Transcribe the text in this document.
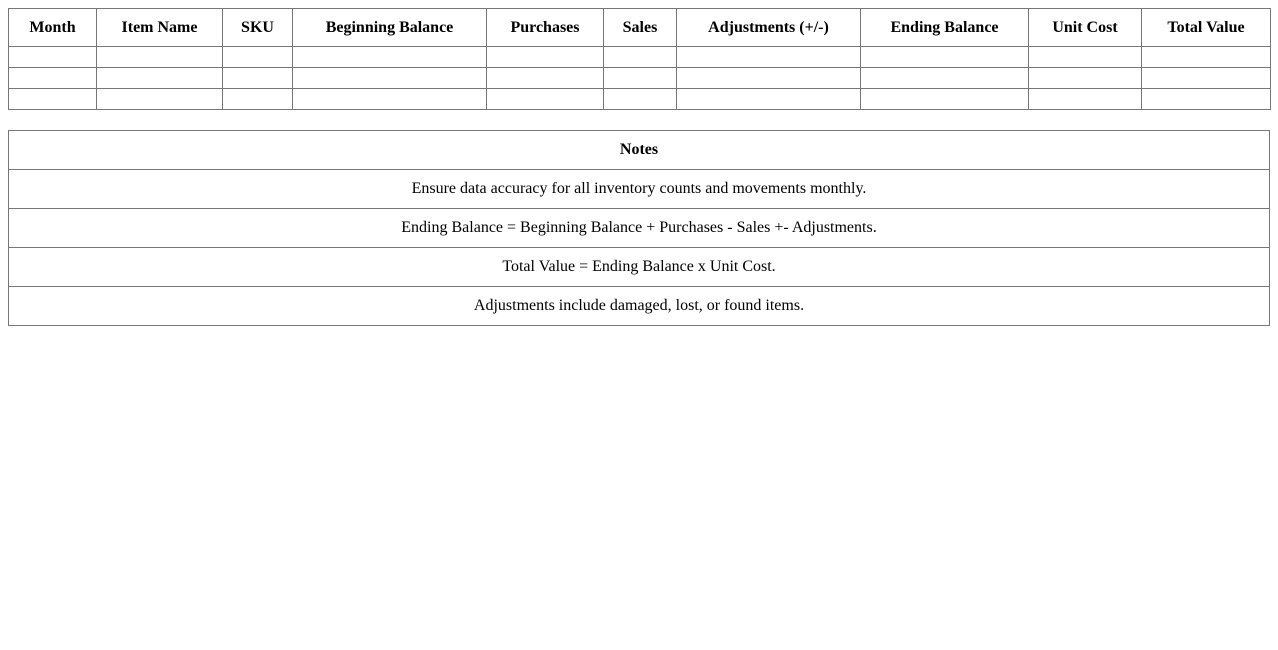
Month	Item Name	SKU	Beginning Balance	Purchases	Sales	Adjustments (+/-)	Ending Balance	Unit Cost	Total Value

Notes
Ensure data accuracy for all inventory counts and movements monthly.
Ending Balance = Beginning Balance + Purchases - Sales +- Adjustments.
Total Value = Ending Balance x Unit Cost.
Adjustments include damaged, lost, or found items.
